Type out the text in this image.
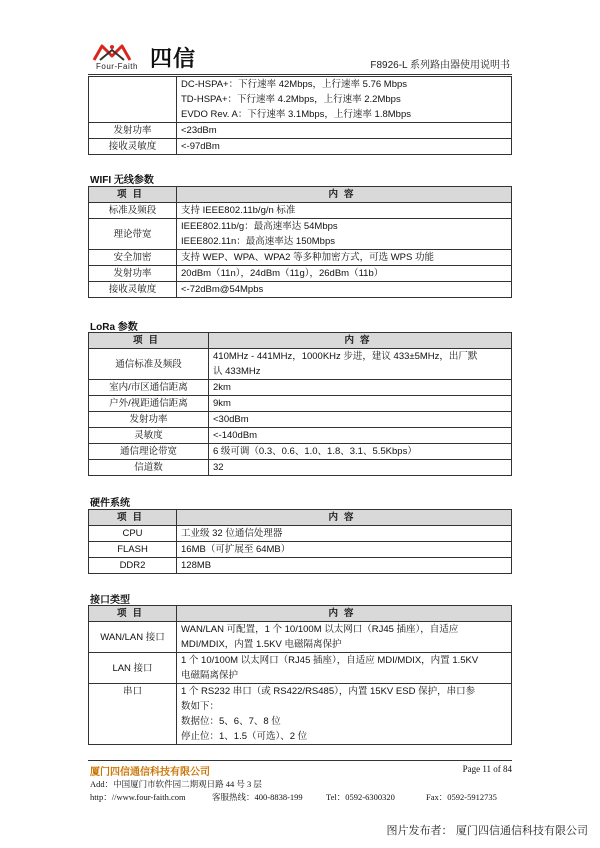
四信
Four-Faith	F8926-L 系列路由器使用说明书

	DC-HSPA+：下行速率 42Mbps，上行速率 5.76 Mbps
TD-HSPA+：下行速率 4.2Mbps，上行速率 2.2Mbps
EVDO Rev. A：下行速率 3.1Mbps，上行速率 1.8Mbps

发射功率	<23dBm
接收灵敏度	<-97dBm
WIFI 无线参数
项目	内容
标准及频段	支持 IEEE802.11b/g/n 标准
理论带宽	IEEE802.11b/g：最高速率达 54Mbps
IEEE802.11n：最高速率达 150Mbps

安全加密	支持 WEP、WPA、WPA2 等多种加密方式，可选 WPS 功能
发射功率	20dBm（11n），24dBm（11g），26dBm（11b）
接收灵敏度	<-72dBm@54Mpbs
LoRa 参数
项目	内容
通信标准及频段	410MHz - 441MHz，1000KHz 步进，建议 433±5MHz，出厂默
认 433MHz

室内/市区通信距离	2km
户外/视距通信距离	9km
发射功率	<30dBm
灵敏度	<-140dBm
通信理论带宽	6 级可调（0.3、0.6、1.0、1.8、3.1、5.5Kbps）
信道数	32
硬件系统
项目	内容
CPU	工业级 32 位通信处理器
FLASH	16MB（可扩展至 64MB）
DDR2	128MB
接口类型
项目	内容
WAN/LAN 接口	WAN/LAN 可配置，1 个 10/100M 以太网口（RJ45 插座），自适应
MDI/MDIX，内置 1.5KV 电磁隔离保护

LAN 接口	1 个 10/100M 以太网口（RJ45 插座），自适应 MDI/MDIX，内置 1.5KV
电磁隔离保护

串口	1 个 RS232 串口（或 RS422/RS485），内置 15KV ESD 保护，串口参
数如下：
数据位：5、6、7、8 位
停止位：1、1.5（可选）、2 位
厦门四信通信科技有限公司	Page 11 of 84
Add：中国厦门市软件园二期观日路 44 号 3 层
http：//www.four-faith.com	客服热线：400-8838-199	Tel：0592-6300320	Fax：0592-5912735
图片发布者： 厦门四信通信科技有限公司
